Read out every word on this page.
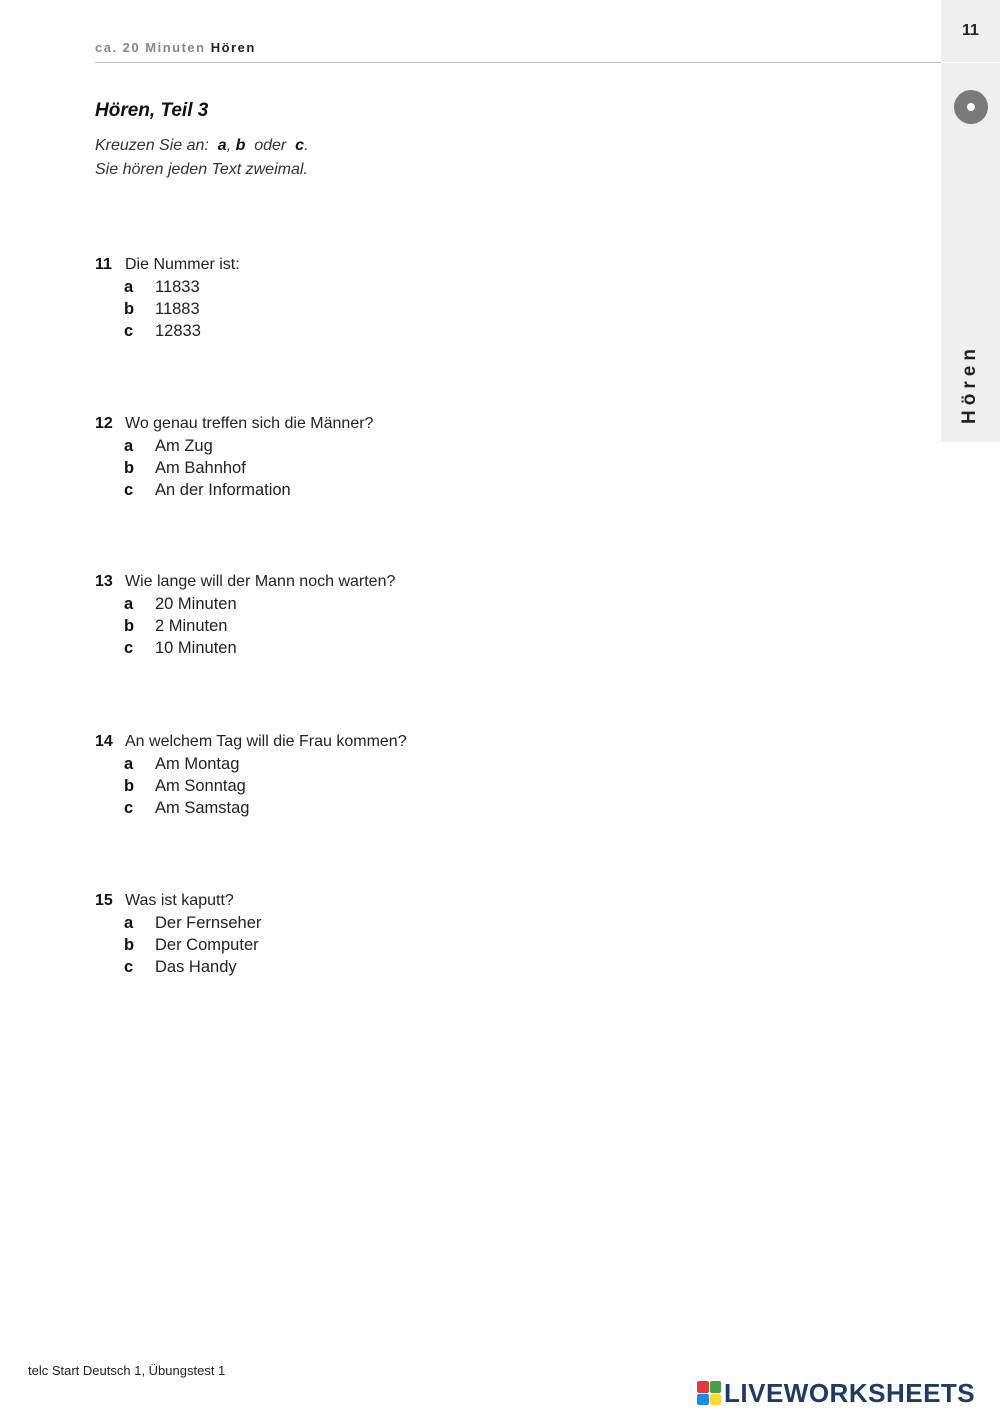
ca. 20 Minuten Hören
11
Hören
Hören, Teil 3
Kreuzen Sie an: a, b oder c.
Sie hören jeden Text zweimal.
11 Die Nummer ist:
a	11833
b	11883
c	12833
12 Wo genau treffen sich die Männer?
a	Am Zug
b	Am Bahnhof
c	An der Information
13 Wie lange will der Mann noch warten?
a	20 Minuten
b	2 Minuten
c	10 Minuten
14 An welchem Tag will die Frau kommen?
a	Am Montag
b	Am Sonntag
c	Am Samstag
15 Was ist kaputt?
a	Der Fernseher
b	Der Computer
c	Das Handy
telc Start Deutsch 1, Übungstest 1
LIVEWORKSHEETS
